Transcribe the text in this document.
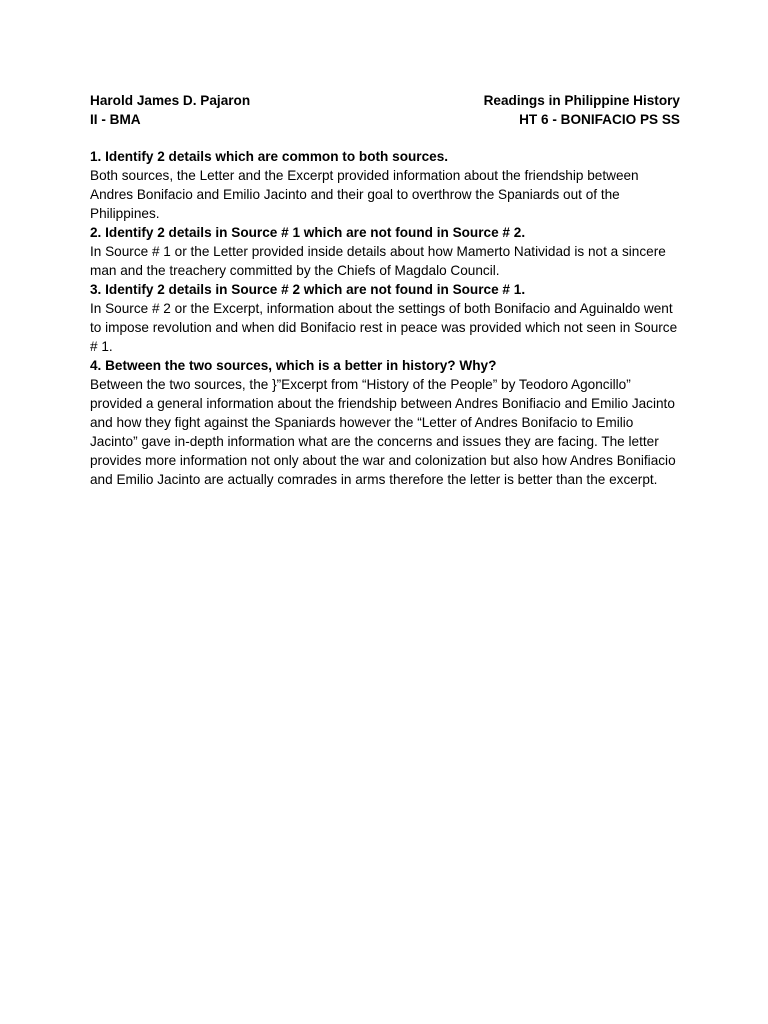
Harold James D. Pajaron	Readings in Philippine History
II - BMA	HT 6 - BONIFACIO PS SS

1. Identify 2 details which are common to both sources.

Both sources, the Letter and the Excerpt provided information about the friendship between Andres Bonifacio and Emilio Jacinto and their goal to overthrow the Spaniards out of the Philippines.

2. Identify 2 details in Source # 1 which are not found in Source # 2.

In Source # 1 or the Letter provided inside details about how Mamerto Natividad is not a sincere man and the treachery committed by the Chiefs of Magdalo Council.

3. Identify 2 details in Source # 2 which are not found in Source # 1.

In Source # 2 or the Excerpt, information about the settings of both Bonifacio and Aguinaldo went to impose revolution and when did Bonifacio rest in peace was provided which not seen in Source # 1.

4. Between the two sources, which is a better in history? Why?

Between the two sources, the }”Excerpt from “History of the People” by Teodoro Agoncillo” provided a general information about the friendship between Andres Bonifiacio and Emilio Jacinto and how they fight against the Spaniards however the “Letter of Andres Bonifacio to Emilio Jacinto” gave in-depth information what are the concerns and issues they are facing. The letter provides more information not only about the war and colonization but also how Andres Bonifiacio and Emilio Jacinto are actually comrades in arms therefore the letter is better than the excerpt.
